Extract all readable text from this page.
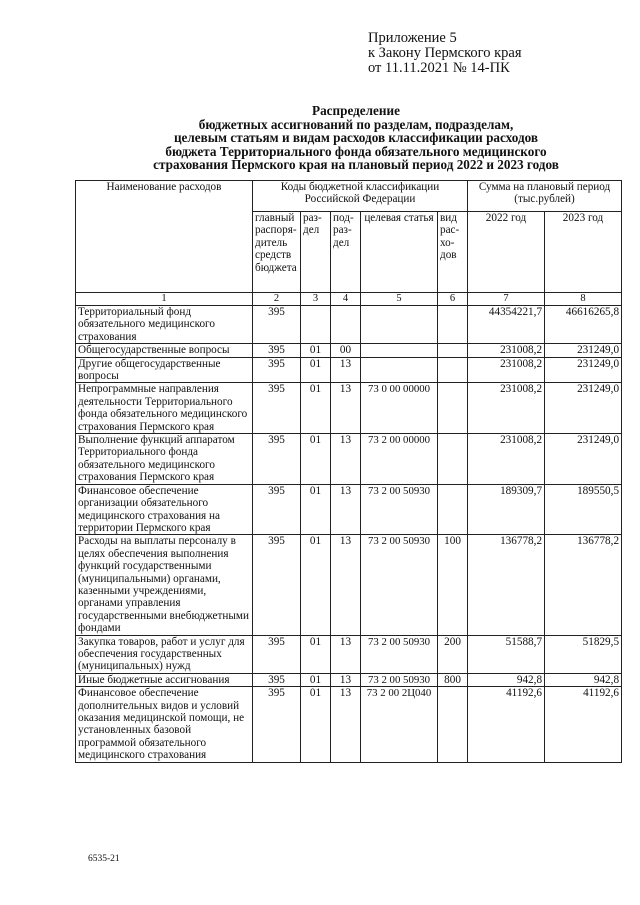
Приложение 5
к Закону Пермского края
от 11.11.2021 № 14-ПК
Распределение
бюджетных ассигнований по разделам, подразделам,
целевым статьям и видам расходов классификации расходов
бюджета Территориального фонда обязательного медицинского
страхования Пермского края на плановый период 2022 и 2023 годов
Наименование расходов	Коды бюджетной классификации Российской Федерации					Сумма на плановый период (тыс.рублей)	
	главный распоря-дитель средств бюджета	раз-дел	под-раз-дел	целевая статья	вид рас-хо-дов	2022 год	2023 год
1	2	3	4	5	6	7	8
Территориальный фонд обязательного медицинского страхования	395					44354221,7	46616265,8
Общегосударственные вопросы	395	01	00			231008,2	231249,0
Другие общегосударственные вопросы	395	01	13			231008,2	231249,0
Непрограммные направления деятельности Территориального фонда обязательного медицинского страхования Пермского края	395	01	13	73 0 00 00000		231008,2	231249,0
Выполнение функций аппаратом Территориального фонда обязательного медицинского страхования Пермского края	395	01	13	73 2 00 00000		231008,2	231249,0
Финансовое обеспечение организации обязательного медицинского страхования на территории Пермского края	395	01	13	73 2 00 50930		189309,7	189550,5
Расходы на выплаты персоналу в целях обеспечения выполнения функций государственными (муниципальными) органами, казенными учреждениями, органами управления государственными внебюджетными фондами	395	01	13	73 2 00 50930	100	136778,2	136778,2
Закупка товаров, работ и услуг для обеспечения государственных (муниципальных) нужд	395	01	13	73 2 00 50930	200	51588,7	51829,5
Иные бюджетные ассигнования	395	01	13	73 2 00 50930	800	942,8	942,8
Финансовое обеспечение дополнительных видов и условий оказания медицинской помощи, не установленных базовой программой обязательного медицинского страхования	395	01	13	73 2 00 2Ц040		41192,6	41192,6
6535-21
